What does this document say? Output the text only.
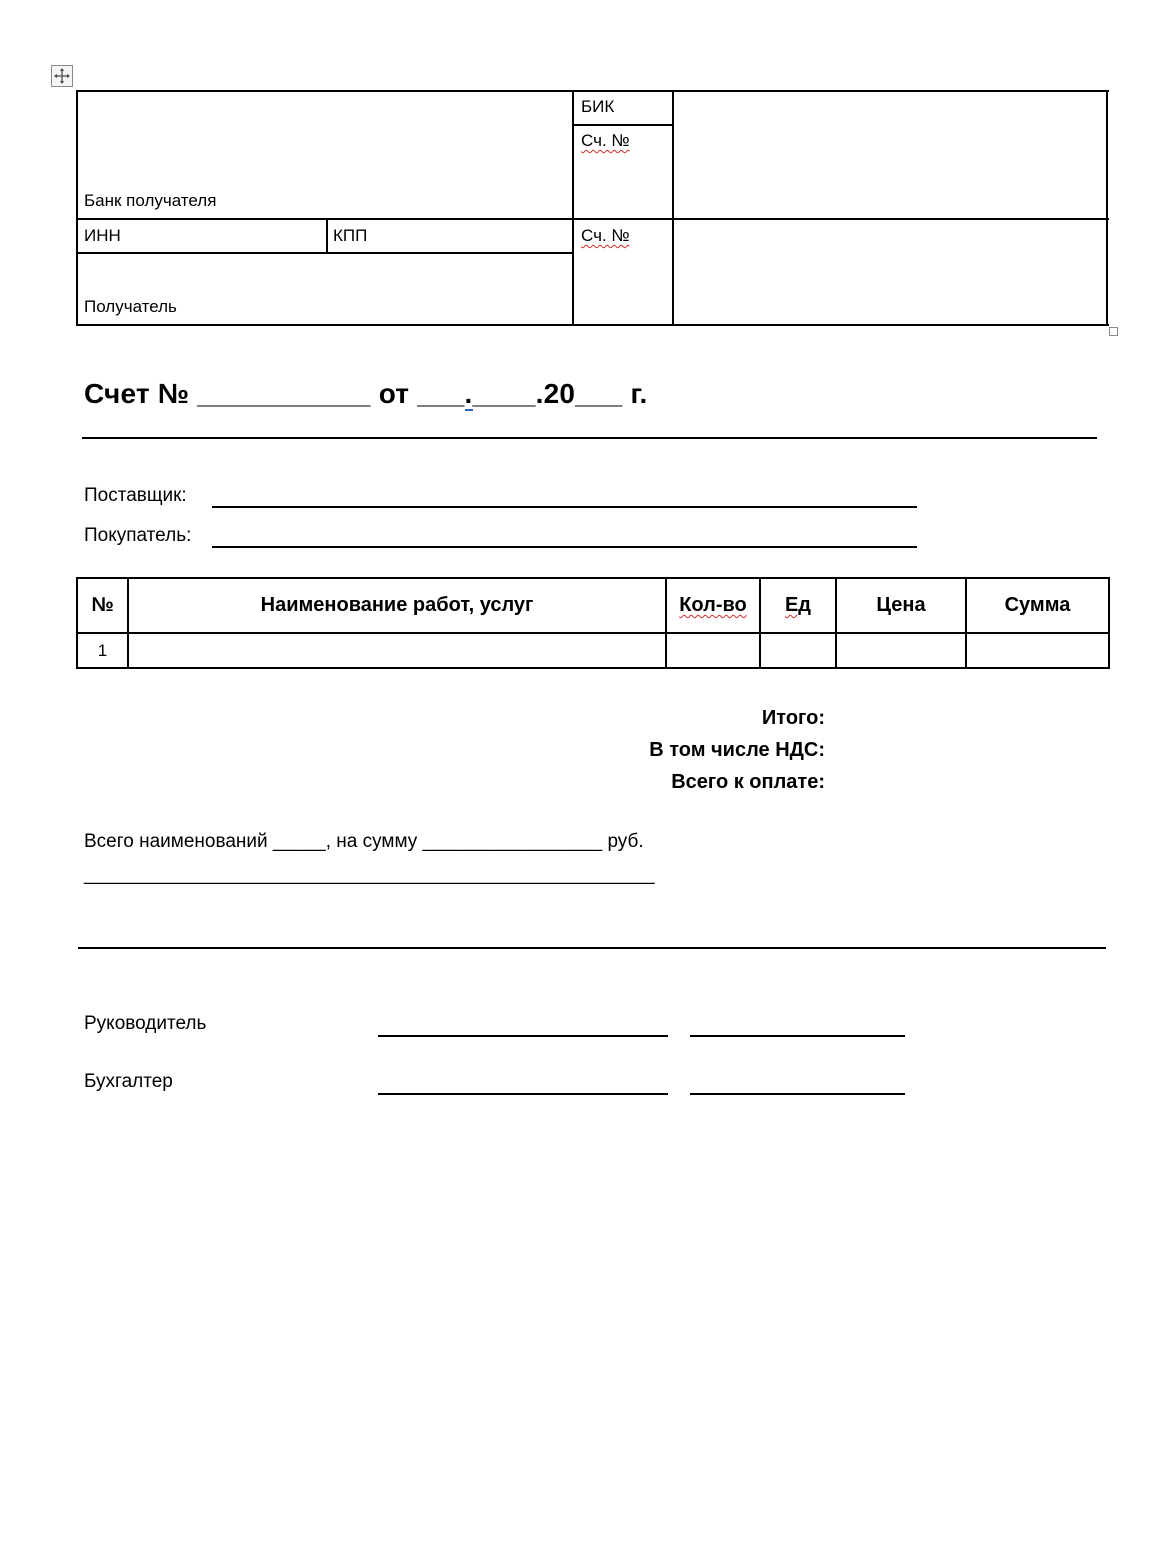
БИК
Сч. №
Банк получателя
ИНН	КПП	Сч. №
Получатель
Счет № ___________ от ___.____.20___ г.
Поставщик:
Покупатель:
№	Наименование работ, услуг	Кол-во	Ед	Цена	Сумма
1					
Итого:
В том числе НДС:
Всего к оплате:
Всего наименований _____, на сумму _________________ руб.
______________________________________________________
Руководитель
Бухгалтер
